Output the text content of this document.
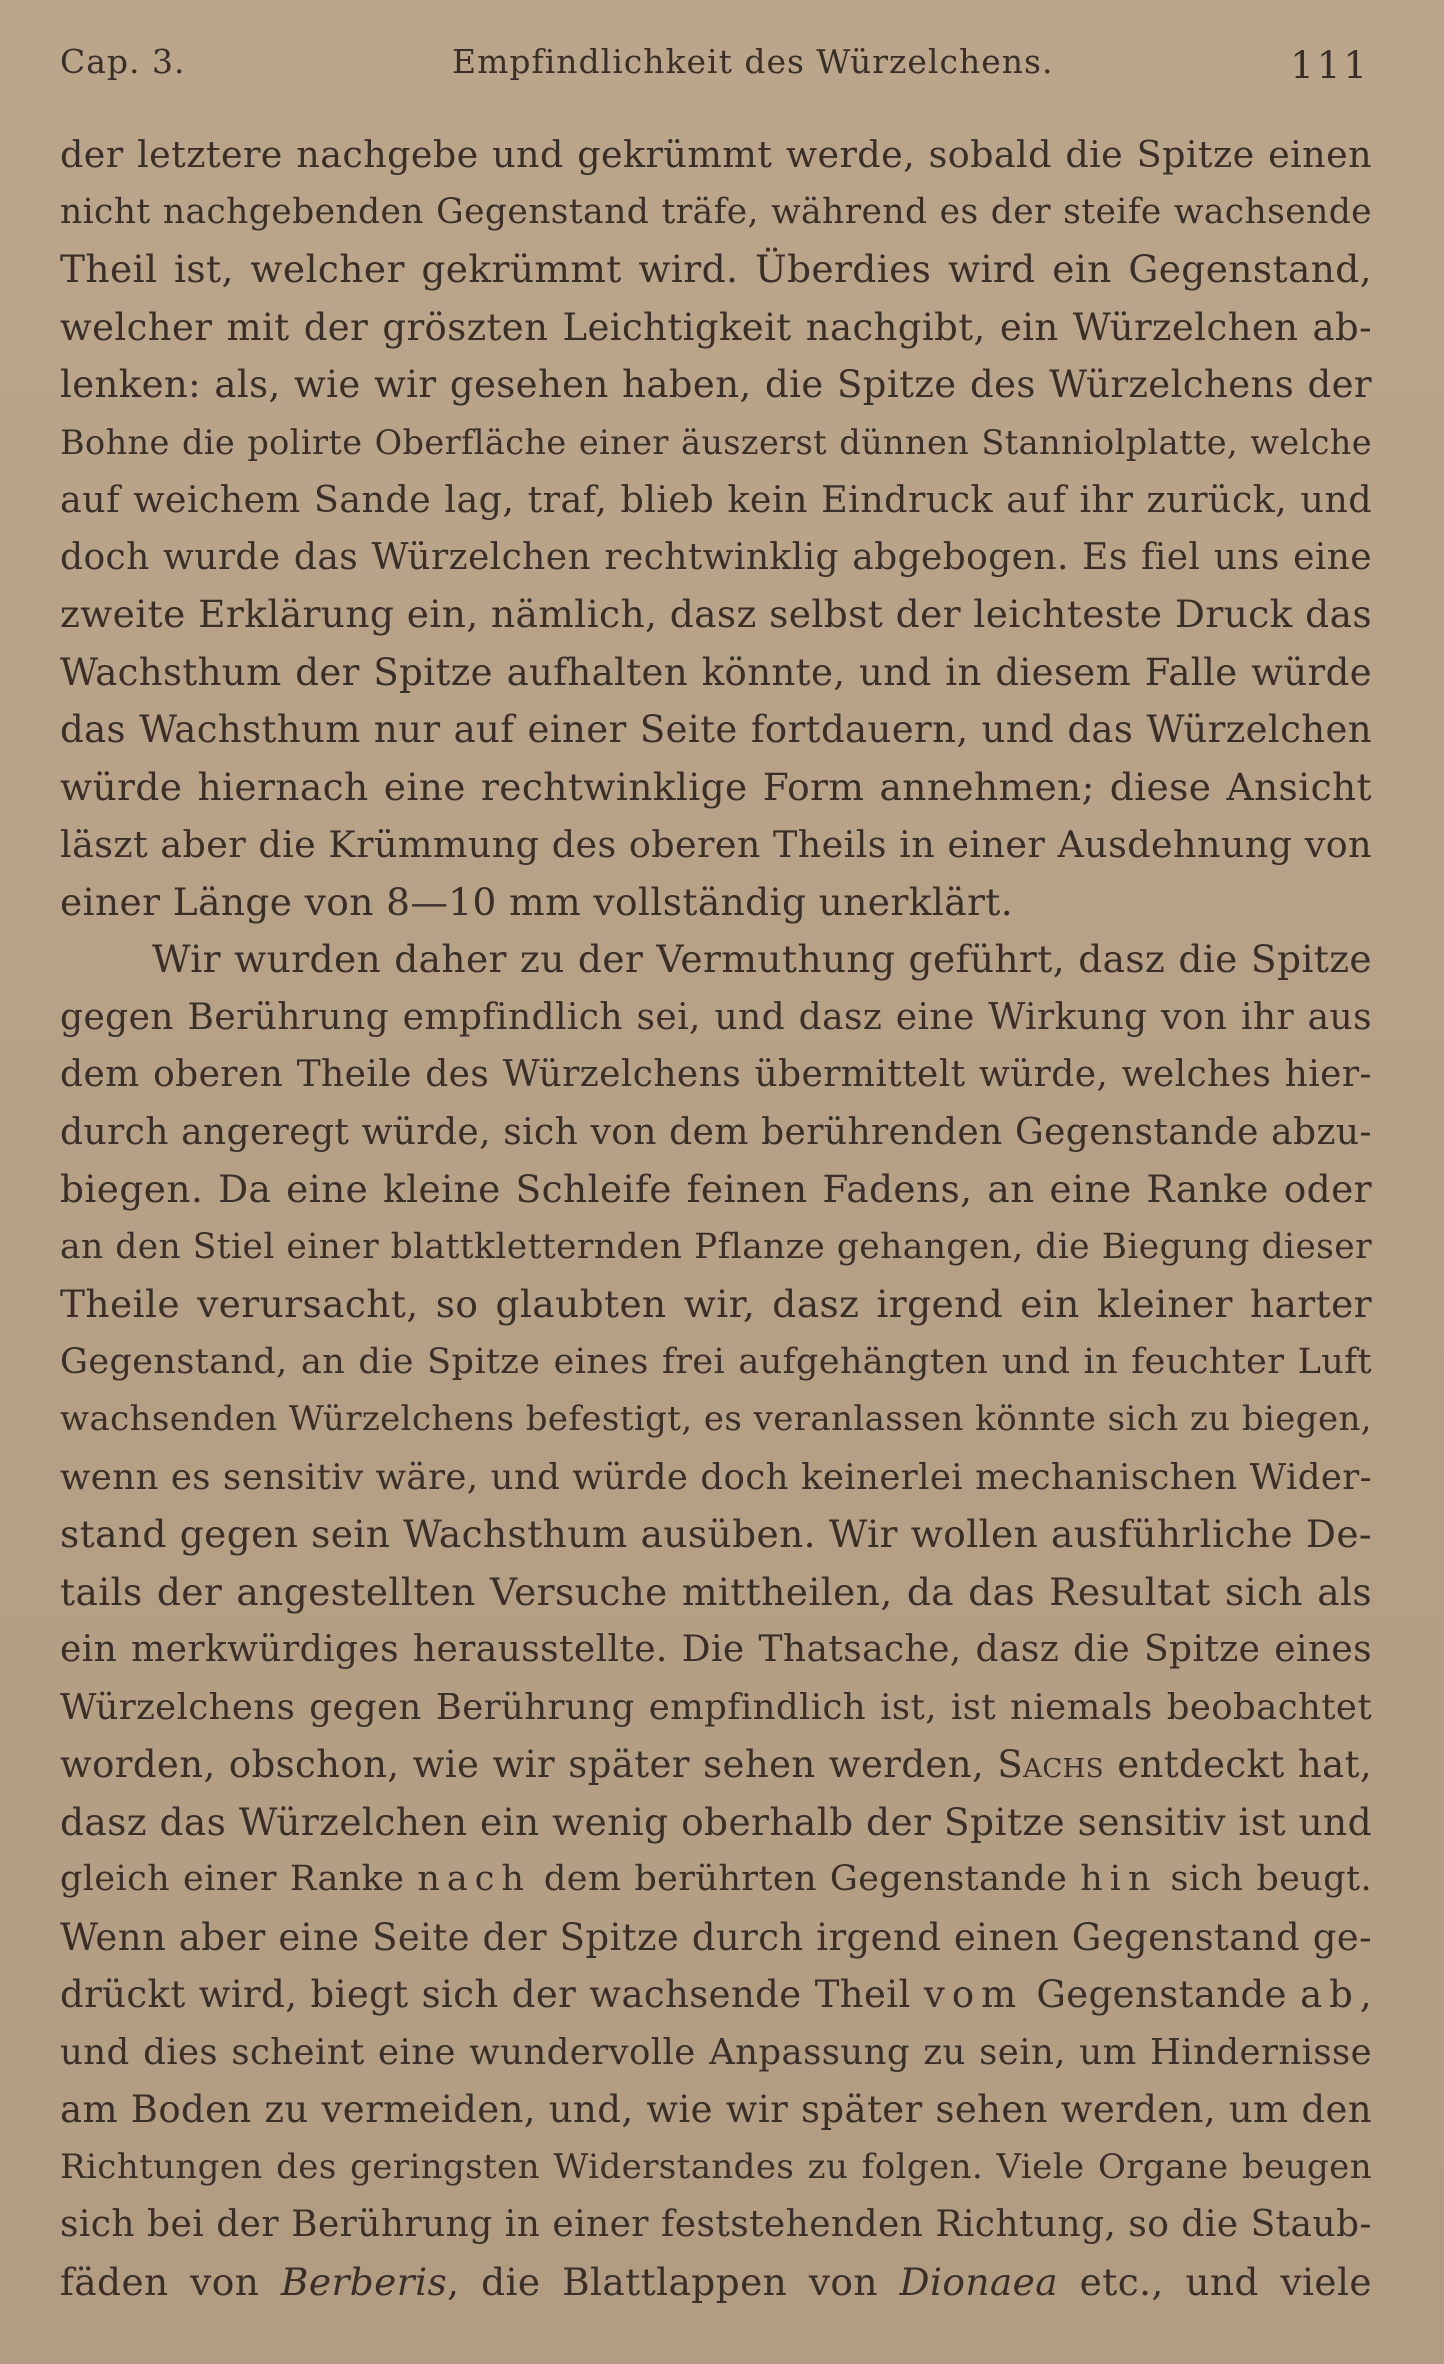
Cap. 3.	Empfindlichkeit des Würzelchens.	111
der letztere nachgebe und gekrümmt werde, sobald die Spitze einen
nicht nachgebenden Gegenstand träfe, während es der steife wachsende
Theil ist, welcher gekrümmt wird. Überdies wird ein Gegenstand,
welcher mit der gröszten Leichtigkeit nachgibt, ein Würzelchen ab-
lenken: als, wie wir gesehen haben, die Spitze des Würzelchens der
Bohne die polirte Oberfläche einer äuszerst dünnen Stanniolplatte, welche
auf weichem Sande lag, traf, blieb kein Eindruck auf ihr zurück, und
doch wurde das Würzelchen rechtwinklig abgebogen. Es fiel uns eine
zweite Erklärung ein, nämlich, dasz selbst der leichteste Druck das
Wachsthum der Spitze aufhalten könnte, und in diesem Falle würde
das Wachsthum nur auf einer Seite fortdauern, und das Würzelchen
würde hiernach eine rechtwinklige Form annehmen; diese Ansicht
läszt aber die Krümmung des oberen Theils in einer Ausdehnung von
einer Länge von 8—10 mm vollständig unerklärt.
Wir wurden daher zu der Vermuthung geführt, dasz die Spitze
gegen Berührung empfindlich sei, und dasz eine Wirkung von ihr aus
dem oberen Theile des Würzelchens übermittelt würde, welches hier-
durch angeregt würde, sich von dem berührenden Gegenstande abzu-
biegen. Da eine kleine Schleife feinen Fadens, an eine Ranke oder
an den Stiel einer blattkletternden Pflanze gehangen, die Biegung dieser
Theile verursacht, so glaubten wir, dasz irgend ein kleiner harter
Gegenstand, an die Spitze eines frei aufgehängten und in feuchter Luft
wachsenden Würzelchens befestigt, es veranlassen könnte sich zu biegen,
wenn es sensitiv wäre, und würde doch keinerlei mechanischen Wider-
stand gegen sein Wachsthum ausüben. Wir wollen ausführliche De-
tails der angestellten Versuche mittheilen, da das Resultat sich als
ein merkwürdiges herausstellte. Die Thatsache, dasz die Spitze eines
Würzelchens gegen Berührung empfindlich ist, ist niemals beobachtet
worden, obschon, wie wir später sehen werden, Sachs entdeckt hat,
dasz das Würzelchen ein wenig oberhalb der Spitze sensitiv ist und
gleich einer Ranke nach dem berührten Gegenstande hin sich beugt.
Wenn aber eine Seite der Spitze durch irgend einen Gegenstand ge-
drückt wird, biegt sich der wachsende Theil vom Gegenstande ab,
und dies scheint eine wundervolle Anpassung zu sein, um Hindernisse
am Boden zu vermeiden, und, wie wir später sehen werden, um den
Richtungen des geringsten Widerstandes zu folgen. Viele Organe beugen
sich bei der Berührung in einer feststehenden Richtung, so die Staub-
fäden von Berberis, die Blattlappen von Dionaea etc., und viele
